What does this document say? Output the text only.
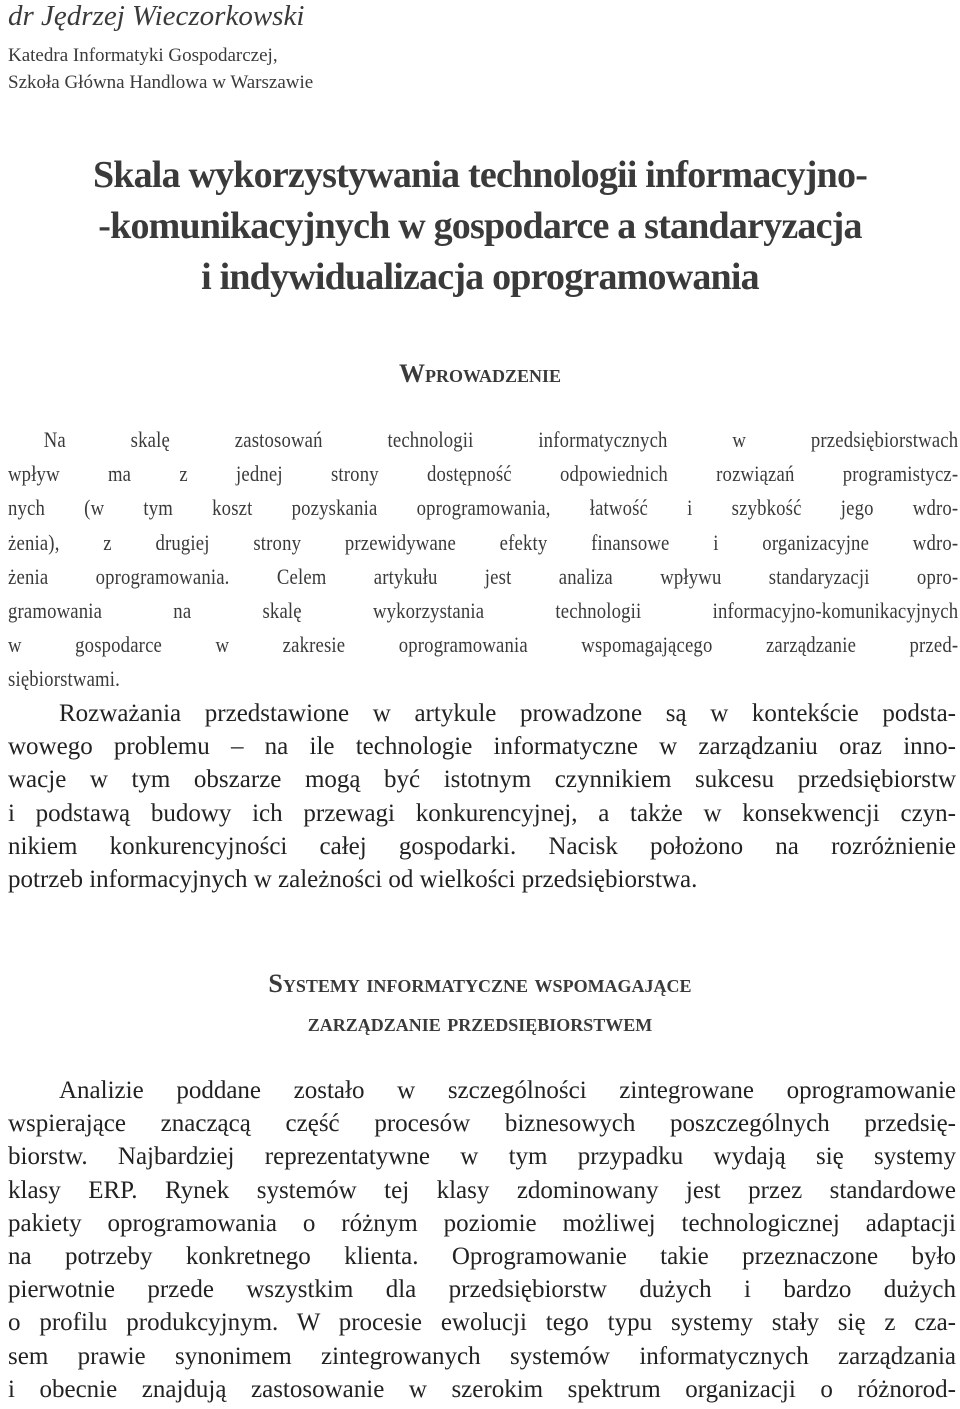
dr Jędrzej Wieczorkowski

Katedra Informatyki Gospodarczej,
Szkoła Główna Handlowa w Warszawie

Skala wykorzystywania technologii informacyjno-
-komunikacyjnych w gospodarce a standaryzacja
i indywidualizacja oprogramowania
Wprowadzenie
Na skalę zastosowań technologii informatycznych w przedsiębiorstwach
wpływ ma z jednej strony dostępność odpowiednich rozwiązań programistycz-
nych (w tym koszt pozyskania oprogramowania, łatwość i szybkość jego wdro-
żenia), z drugiej strony przewidywane efekty finansowe i organizacyjne wdro-
żenia oprogramowania. Celem artykułu jest analiza wpływu standaryzacji opro-
gramowania na skalę wykorzystania technologii informacyjno-komunikacyjnych
w gospodarce w zakresie oprogramowania wspomagającego zarządzanie przed-
siębiorstwami.
Rozważania przedstawione w artykule prowadzone są w kontekście podsta-
wowego problemu – na ile technologie informatyczne w zarządzaniu oraz inno-
wacje w tym obszarze mogą być istotnym czynnikiem sukcesu przedsiębiorstw
i podstawą budowy ich przewagi konkurencyjnej, a także w konsekwencji czyn-
nikiem konkurencyjności całej gospodarki. Nacisk położono na rozróżnienie
potrzeb informacyjnych w zależności od wielkości przedsiębiorstwa.
Systemy informatyczne wspomagające
zarządzanie przedsiębiorstwem
Analizie poddane zostało w szczególności zintegrowane oprogramowanie
wspierające znaczącą część procesów biznesowych poszczególnych przedsię-
biorstw. Najbardziej reprezentatywne w tym przypadku wydają się systemy
klasy ERP. Rynek systemów tej klasy zdominowany jest przez standardowe
pakiety oprogramowania o różnym poziomie możliwej technologicznej adaptacji
na potrzeby konkretnego klienta. Oprogramowanie takie przeznaczone było
pierwotnie przede wszystkim dla przedsiębiorstw dużych i bardzo dużych
o profilu produkcyjnym. W procesie ewolucji tego typu systemy stały się z cza-
sem prawie synonimem zintegrowanych systemów informatycznych zarządzania
i obecnie znajdują zastosowanie w szerokim spektrum organizacji o różnorod-
